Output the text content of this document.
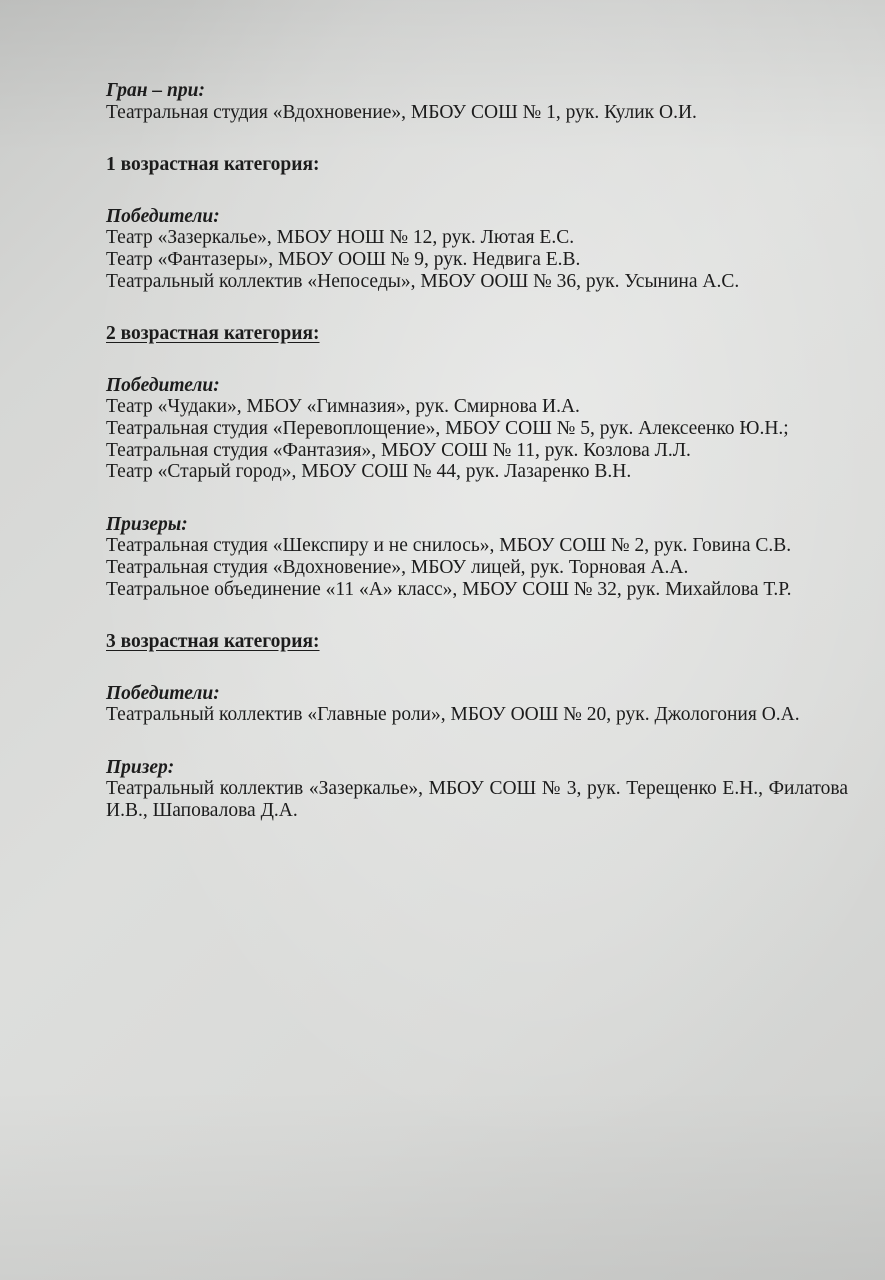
Гран – при:
Театральная студия «Вдохновение», МБОУ СОШ № 1, рук. Кулик О.И.
1 возрастная категория:
Победители:
Театр «Зазеркалье», МБОУ НОШ № 12, рук. Лютая Е.С.
Театр «Фантазеры», МБОУ ООШ № 9, рук. Недвига Е.В.
Театральный коллектив «Непоседы», МБОУ ООШ № 36, рук. Усынина А.С.
2 возрастная категория:
Победители:
Театр «Чудаки», МБОУ «Гимназия», рук. Смирнова И.А.
Театральная студия «Перевоплощение», МБОУ СОШ № 5, рук. Алексеенко Ю.Н.;
Театральная студия «Фантазия», МБОУ СОШ № 11, рук. Козлова Л.Л.
Театр «Старый город», МБОУ СОШ № 44, рук. Лазаренко В.Н.
Призеры:
Театральная студия «Шекспиру и не снилось», МБОУ СОШ № 2, рук. Говина С.В.
Театральная студия «Вдохновение», МБОУ лицей, рук. Торновая А.А.
Театральное объединение «11 «А» класс», МБОУ СОШ № 32, рук. Михайлова Т.Р.
3 возрастная категория:
Победители:
Театральный коллектив «Главные роли», МБОУ ООШ № 20, рук. Джологония О.А.
Призер:
Театральный коллектив «Зазеркалье», МБОУ СОШ № 3, рук. Терещенко Е.Н., Филатова И.В., Шаповалова Д.А.
